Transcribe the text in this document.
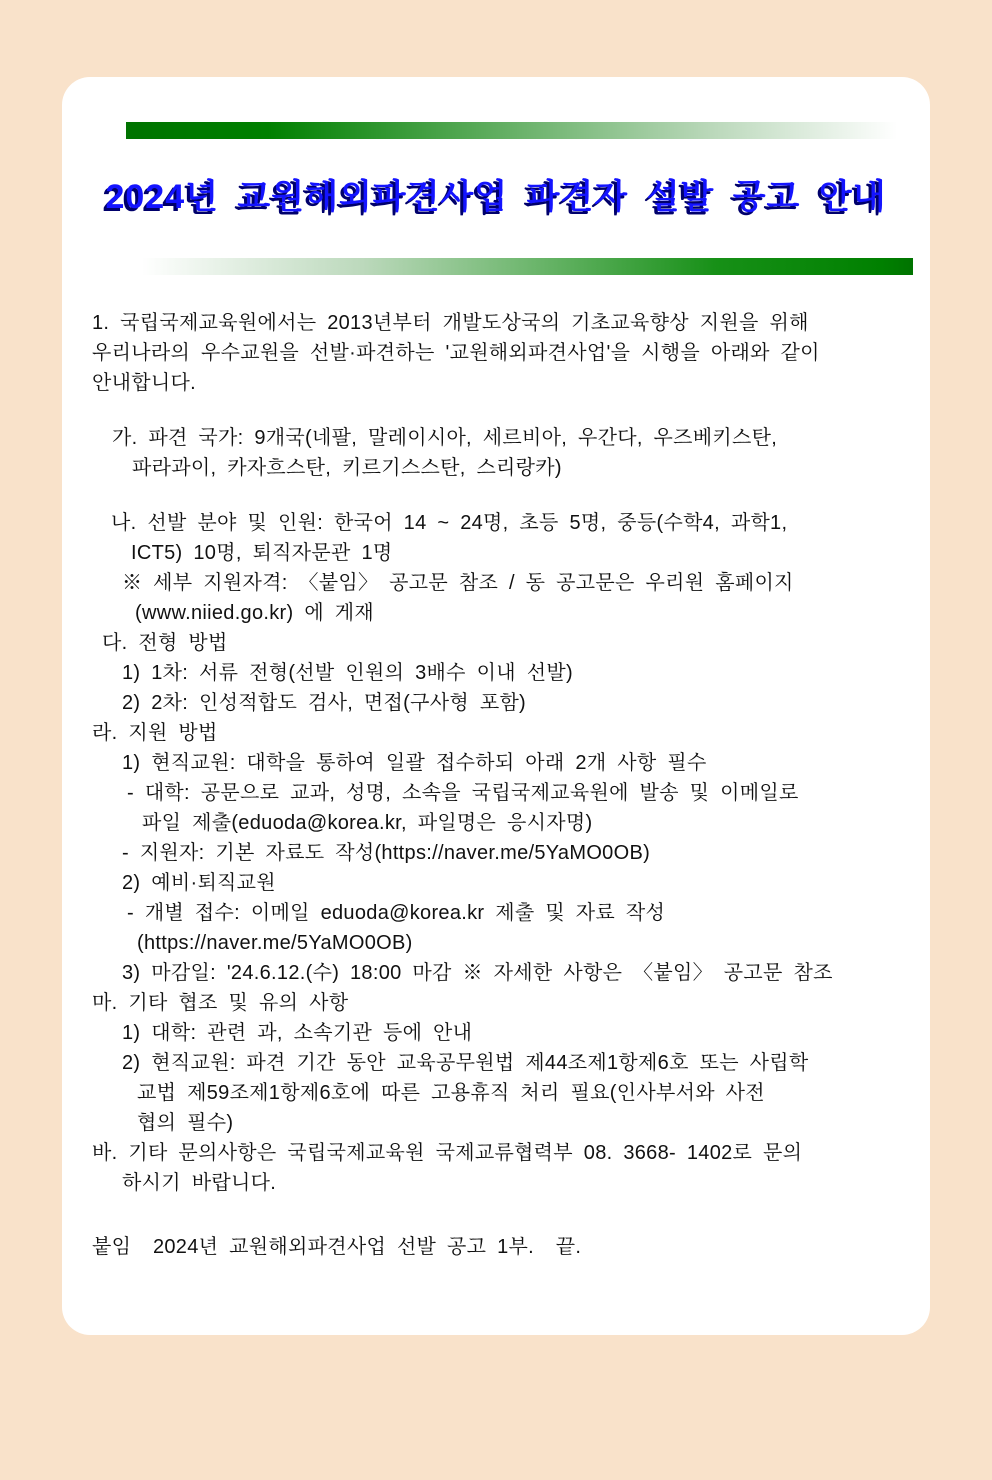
2024년 교원해외파견사업 파견자 설발 공고 안내
1. 국립국제교육원에서는 2013년부터 개발도상국의 기초교육향상 지원을 위해
우리나라의 우수교원을 선발·파견하는 '교원해외파견사업'을 시행을 아래와 같이
안내합니다.
가. 파견 국가: 9개국(네팔, 말레이시아, 세르비아, 우간다, 우즈베키스탄,
파라과이, 카자흐스탄, 키르기스스탄, 스리랑카)
나. 선발 분야 및 인원: 한국어 14 ~ 24명, 초등 5명, 중등(수학4, 과학1,
ICT5) 10명, 퇴직자문관 1명
※ 세부 지원자격: 〈붙임〉 공고문 참조 / 동 공고문은 우리원 홈페이지
(www.niied.go.kr) 에 게재
다. 전형 방법
1) 1차: 서류 전형(선발 인원의 3배수 이내 선발)
2) 2차: 인성적합도 검사, 면접(구사형 포함)
라. 지원 방법
1) 현직교원: 대학을 통하여 일괄 접수하되 아래 2개 사항 필수
- 대학: 공문으로 교과, 성명, 소속을 국립국제교육원에 발송 및 이메일로
파일 제출(eduoda@korea.kr, 파일명은 응시자명)
- 지원자: 기본 자료도 작성(https://naver.me/5YaMO0OB)
2) 예비·퇴직교원
- 개별 접수: 이메일 eduoda@korea.kr 제출 및 자료 작성
(https://naver.me/5YaMO0OB)
3) 마감일: '24.6.12.(수) 18:00 마감 ※ 자세한 사항은 〈붙임〉 공고문 참조
마. 기타 협조 및 유의 사항
1) 대학: 관련 과, 소속기관 등에 안내
2) 현직교원: 파견 기간 동안 교육공무원법 제44조제1항제6호 또는 사립학
교법 제59조제1항제6호에 따른 고용휴직 처리 필요(인사부서와 사전
협의 필수)
바. 기타 문의사항은 국립국제교육원 국제교류협력부 08. 3668- 1402로 문의
하시기 바랍니다.
붙임  2024년 교원해외파견사업 선발 공고 1부.  끝.
